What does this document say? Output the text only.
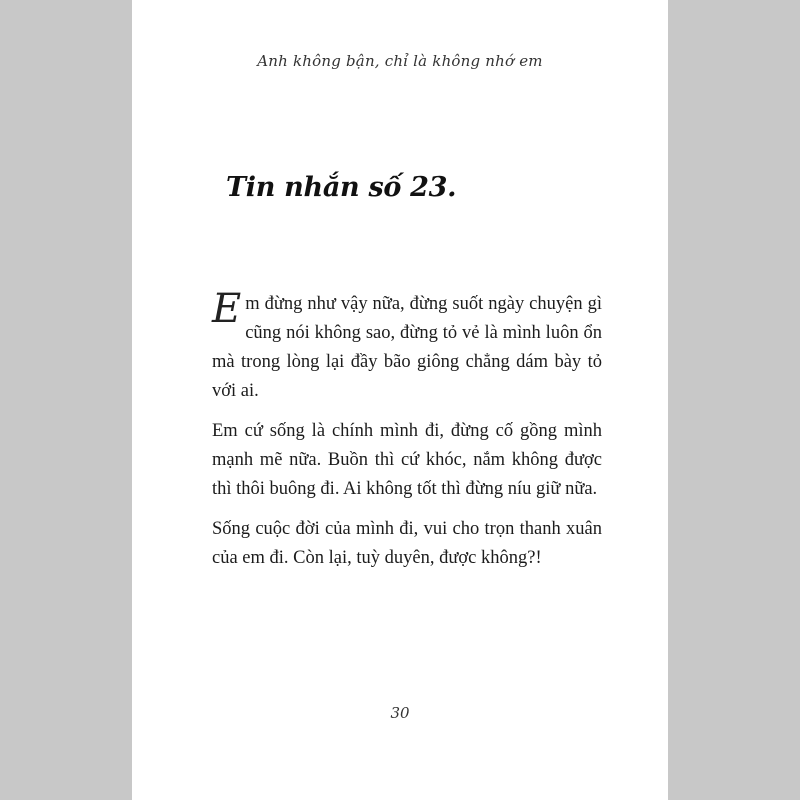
Anh không bận, chỉ là không nhớ em
Tin nhắn số 23.

Em đừng như vậy nữa, đừng suốt ngày chuyện gì cũng nói không sao, đừng tỏ vẻ là mình luôn ổn mà trong lòng lại đầy bão giông chẳng dám bày tỏ với ai.

Em cứ sống là chính mình đi, đừng cố gồng mình mạnh mẽ nữa. Buồn thì cứ khóc, nắm không được thì thôi buông đi. Ai không tốt thì đừng níu giữ nữa.

Sống cuộc đời của mình đi, vui cho trọn thanh xuân của em đi. Còn lại, tuỳ duyên, được không?!

30
